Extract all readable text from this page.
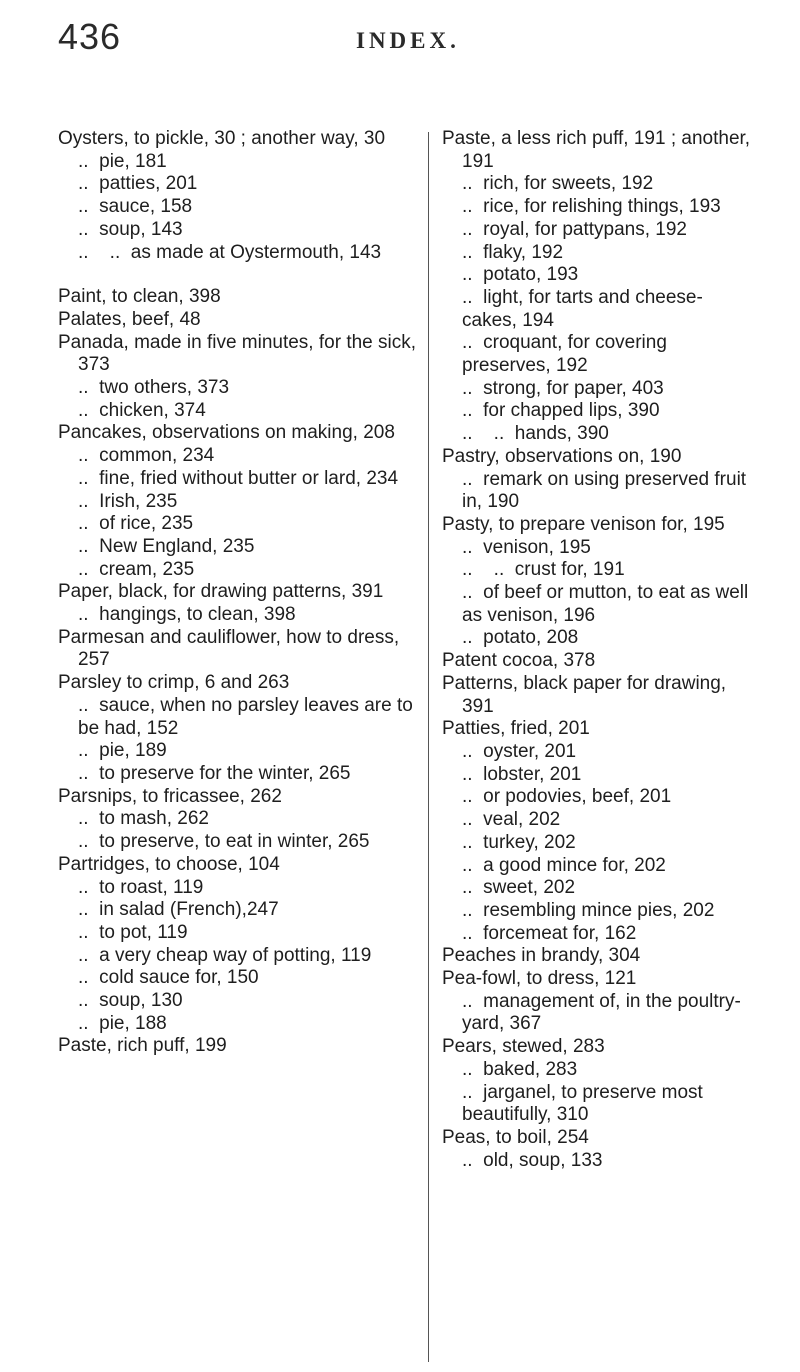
436	INDEX.

Oysters, to pickle, 30 ; another way, 30

..  pie, 181

..  patties, 201

..  sauce, 158

..  soup, 143

..   as made at Oystermouth, 143

Paint, to clean, 398

Palates, beef, 48

Panada, made in five minutes, for the sick, 373

..  two others, 373

..  chicken, 374

Pancakes, observations on making, 208

..  common, 234

..  fine, fried without butter or lard, 234

..  Irish, 235

..  of rice, 235

..  New England, 235

..  cream, 235

Paper, black, for drawing patterns, 391

..  hangings, to clean, 398

Parmesan and cauliflower, how to dress, 257

Parsley to crimp, 6 and 263

..  sauce, when no parsley leaves are to be had, 152

..  pie, 189

..  to preserve for the winter, 265

Parsnips, to fricassee, 262

..  to mash, 262

..  to preserve, to eat in winter, 265

Partridges, to choose, 104

..  to roast, 119

..  in salad (French),247

..  to pot, 119

..  a very cheap way of potting, 119

..  cold sauce for, 150

..  soup, 130

..  pie, 188

Paste, rich puff, 199

Paste, a less rich puff, 191 ; another, 191

..  rich, for sweets, 192

..  rice, for relishing things, 193

..  royal, for pattypans, 192

..  flaky, 192

..  potato, 193

..  light, for tarts and cheese-cakes, 194

..  croquant, for covering preserves, 192

..  strong, for paper, 403

..  for chapped lips, 390

..   hands, 390

Pastry, observations on, 190

..  remark on using preserved fruit in, 190

Pasty, to prepare venison for, 195

..  venison, 195

..   crust for, 191

..  of beef or mutton, to eat as well as venison, 196

..  potato, 208

Patent cocoa, 378

Patterns, black paper for drawing, 391

Patties, fried, 201

..  oyster, 201

..  lobster, 201

..  or podovies, beef, 201

..  veal, 202

..  turkey, 202

..  a good mince for, 202

..  sweet, 202

..  resembling mince pies, 202

..  forcemeat for, 162

Peaches in brandy, 304

Pea-fowl, to dress, 121

..  management of, in the poultry-yard, 367

Pears, stewed, 283

..  baked, 283

..  jarganel, to preserve most beautifully, 310

Peas, to boil, 254

..  old, soup, 133
